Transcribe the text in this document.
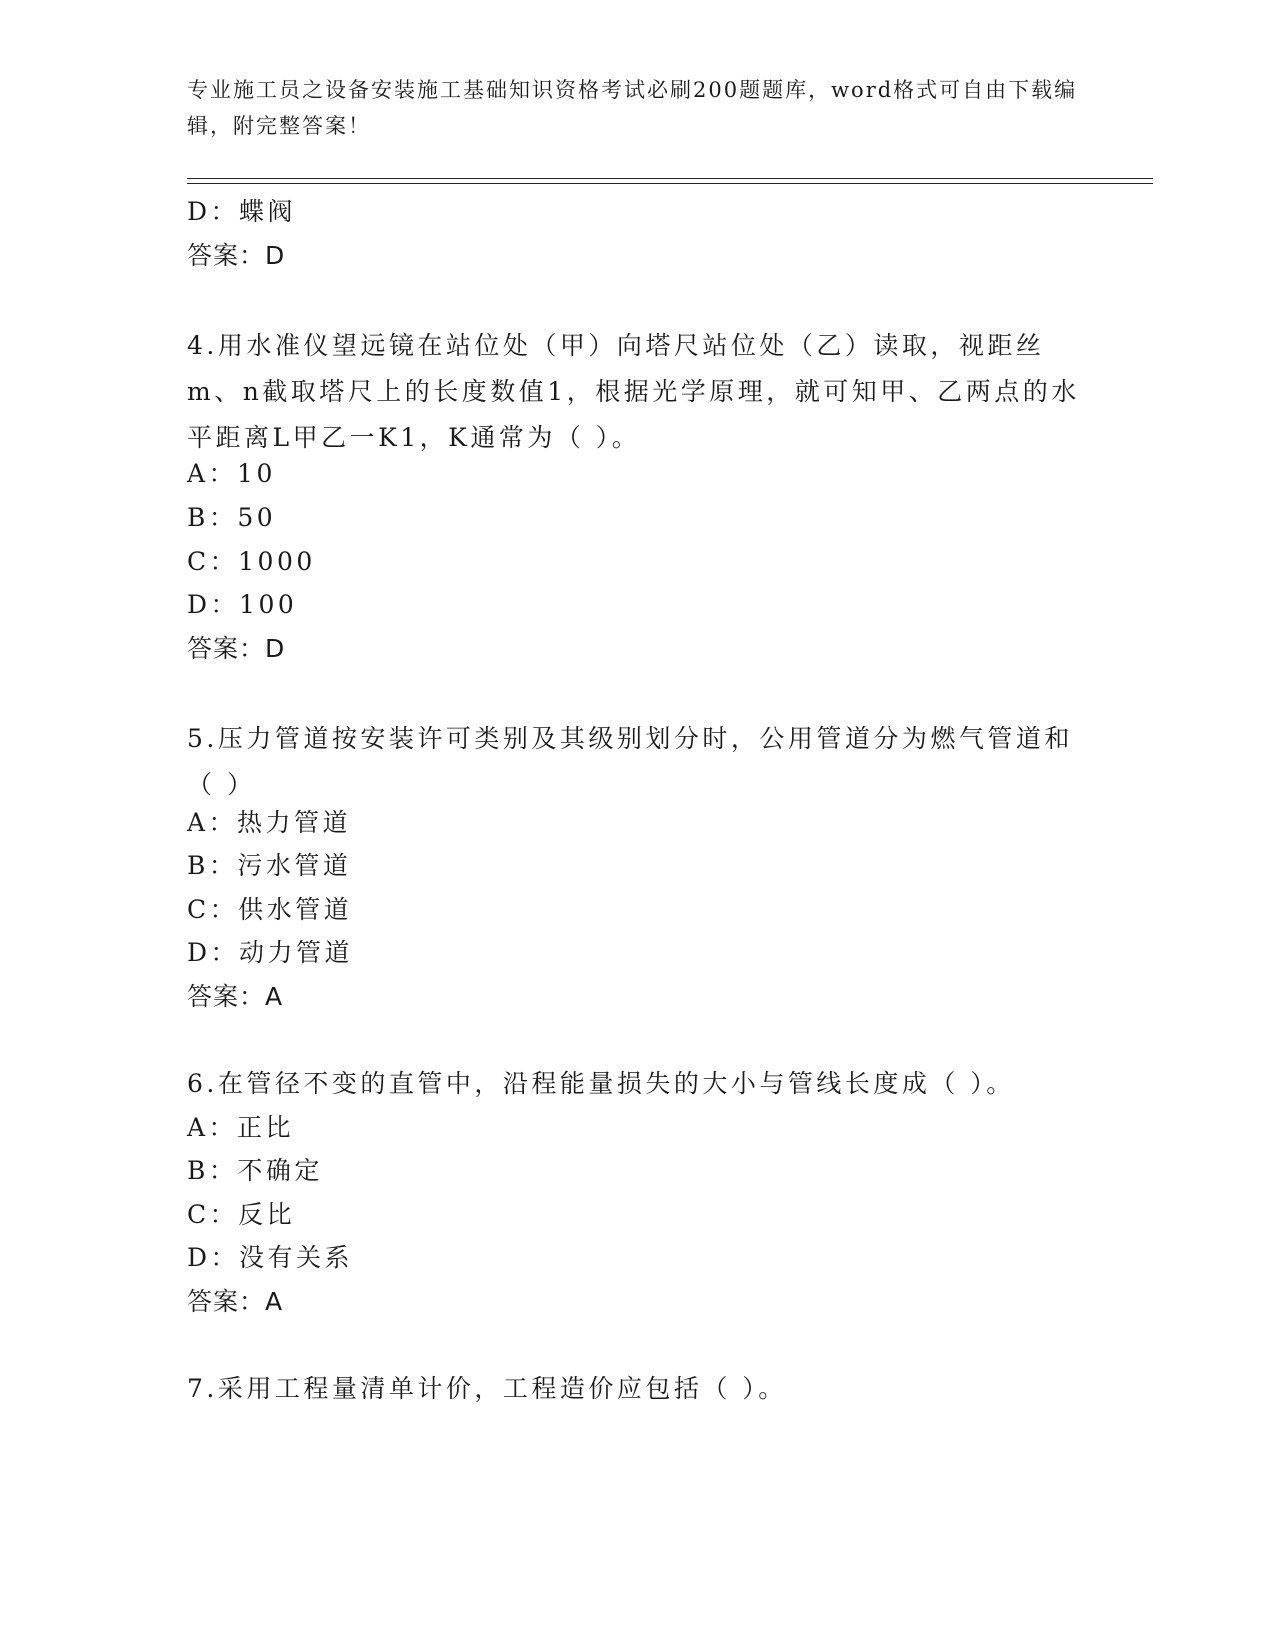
专业施工员之设备安装施工基础知识资格考试必刷200题题库，word格式可自由下载编辑，附完整答案！
D：蝶阀
答案：D
4.用水准仪望远镜在站位处（甲）向塔尺站位处（乙）读取，视距丝m、n截取塔尺上的长度数值1，根据光学原理，就可知甲、乙两点的水平距离L甲乙一K1，K通常为（ ）。
A：10
B：50
C：1000
D：100
答案：D
5.压力管道按安装许可类别及其级别划分时，公用管道分为燃气管道和（ ）
A：热力管道
B：污水管道
C：供水管道
D：动力管道
答案：A
6.在管径不变的直管中，沿程能量损失的大小与管线长度成（ ）。
A：正比
B：不确定
C：反比
D：没有关系
答案：A
7.采用工程量清单计价，工程造价应包括（ ）。
